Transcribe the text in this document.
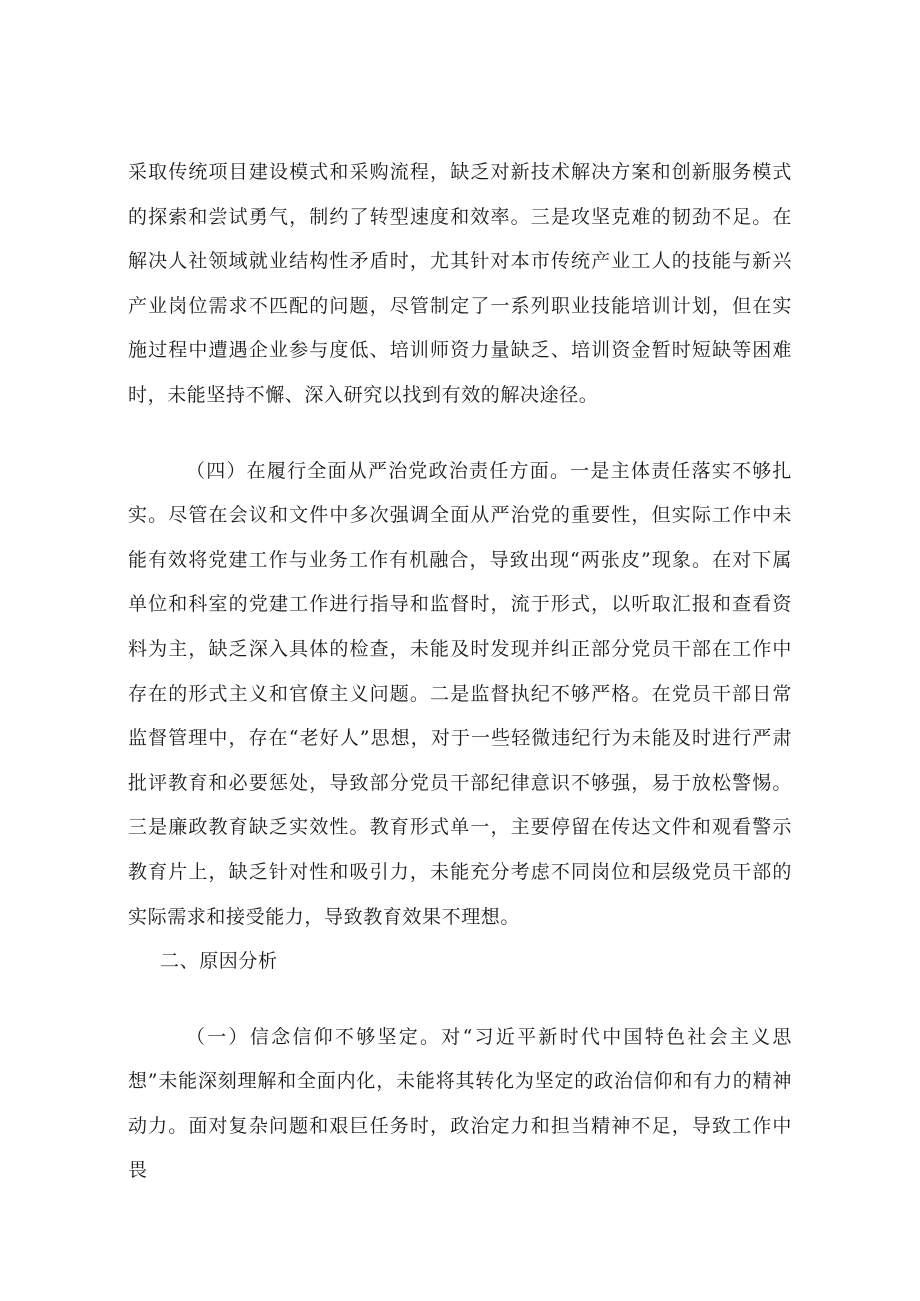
采取传统项目建设模式和采购流程，缺乏对新技术解决方案和创新服务模式的探索和尝试勇气，制约了转型速度和效率。三是攻坚克难的韧劲不足。在解决人社领域就业结构性矛盾时，尤其针对本市传统产业工人的技能与新兴产业岗位需求不匹配的问题，尽管制定了一系列职业技能培训计划，但在实施过程中遭遇企业参与度低、培训师资力量缺乏、培训资金暂时短缺等困难时，未能坚持不懈、深入研究以找到有效的解决途径。

（四）在履行全面从严治党政治责任方面。一是主体责任落实不够扎实。尽管在会议和文件中多次强调全面从严治党的重要性，但实际工作中未能有效将党建工作与业务工作有机融合，导致出现“两张皮”现象。在对下属单位和科室的党建工作进行指导和监督时，流于形式，以听取汇报和查看资料为主，缺乏深入具体的检查，未能及时发现并纠正部分党员干部在工作中存在的形式主义和官僚主义问题。二是监督执纪不够严格。在党员干部日常监督管理中，存在“老好人”思想，对于一些轻微违纪行为未能及时进行严肃批评教育和必要惩处，导致部分党员干部纪律意识不够强，易于放松警惕。三是廉政教育缺乏实效性。教育形式单一，主要停留在传达文件和观看警示教育片上，缺乏针对性和吸引力，未能充分考虑不同岗位和层级党员干部的实际需求和接受能力，导致教育效果不理想。

二、原因分析

（一）信念信仰不够坚定。对“习近平新时代中国特色社会主义思想”未能深刻理解和全面内化，未能将其转化为坚定的政治信仰和有力的精神动力。面对复杂问题和艰巨任务时，政治定力和担当精神不足，导致工作中畏
